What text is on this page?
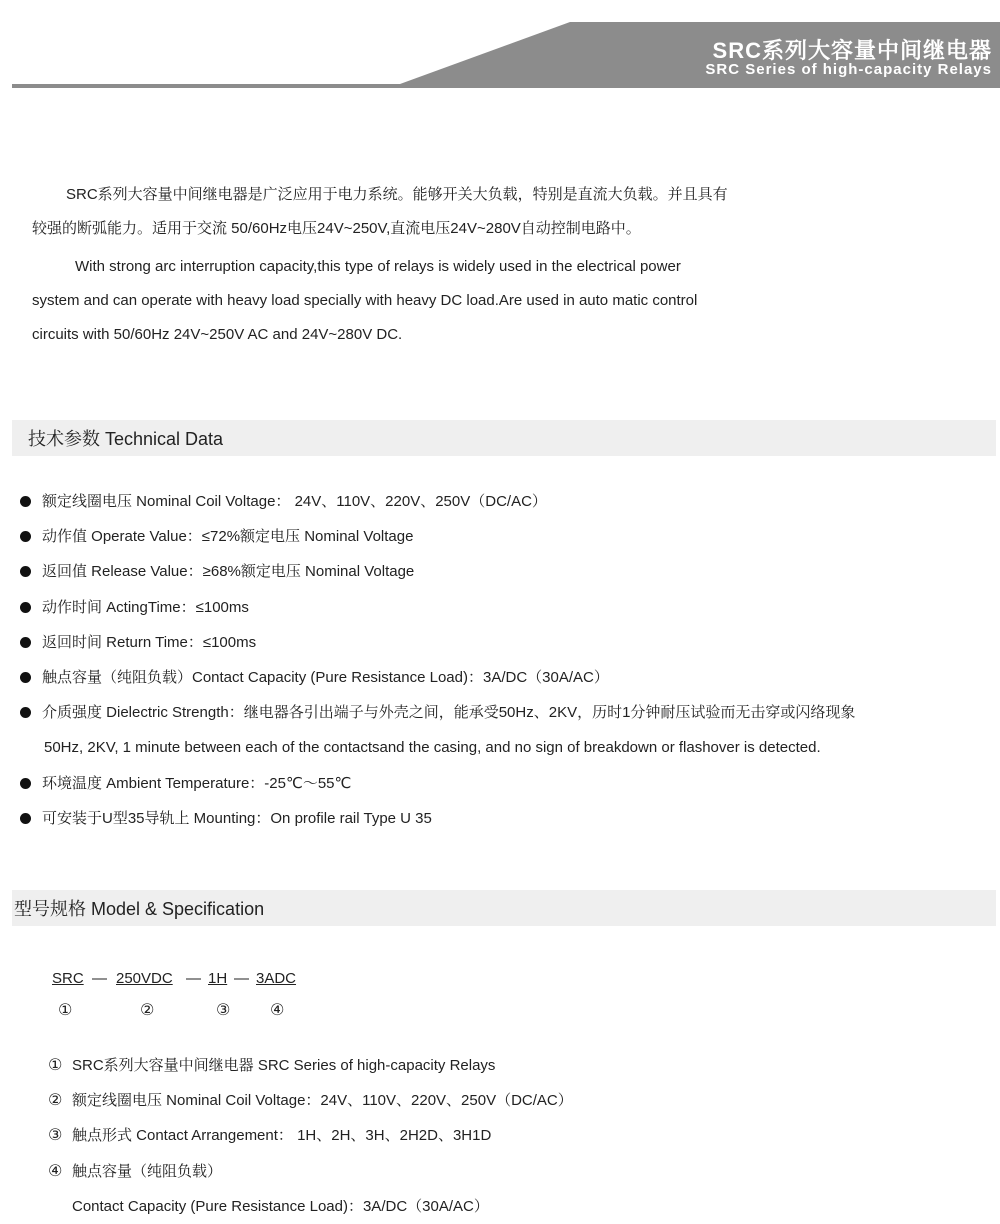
SRC系列大容量中间继电器
SRC Series of high-capacity Relays

SRC系列大容量中间继电器是广泛应用于电力系统。能够开关大负载，特别是直流大负载。并且具有

较强的断弧能力。适用于交流 50/60Hz电压24V~250V,直流电压24V~280V自动控制电路中。

With strong arc interruption capacity,this type of relays is widely used in the electrical power

system and can operate with heavy load specially with heavy DC load.Are used in auto matic control

circuits with 50/60Hz 24V~250V AC and 24V~280V DC.

技术参数 Technical Data
额定线圈电压 Nominal Coil Voltage： 24V、110V、220V、250V（DC/AC）
动作值 Operate Value：≤72%额定电压 Nominal Voltage
返回值 Release Value：≥68%额定电压 Nominal Voltage
动作时间 ActingTime：≤100ms
返回时间 Return Time：≤100ms
触点容量（纯阻负载）Contact Capacity (Pure Resistance Load)：3A/DC（30A/AC）
介质强度 Dielectric Strength：继电器各引出端子与外壳之间，能承受50Hz、2KV，历时1分钟耐压试验而无击穿或闪络现象
50Hz, 2KV, 1 minute between each of the contactsand the casing, and no sign of breakdown or flashover is detected.
环境温度 Ambient Temperature：-25℃～55℃
可安装于U型35导轨上 Mounting：On profile rail Type U 35
型号规格 Model & Specification
SRC — 250VDC — 1H — 3ADC
①	②	③ ④
① SRC系列大容量中间继电器 SRC Series of high-capacity Relays
② 额定线圈电压 Nominal Coil Voltage：24V、110V、220V、250V（DC/AC）
③ 触点形式 Contact Arrangement： 1H、2H、3H、2H2D、3H1D
④ 触点容量（纯阻负载）
Contact Capacity (Pure Resistance Load)：3A/DC（30A/AC）
